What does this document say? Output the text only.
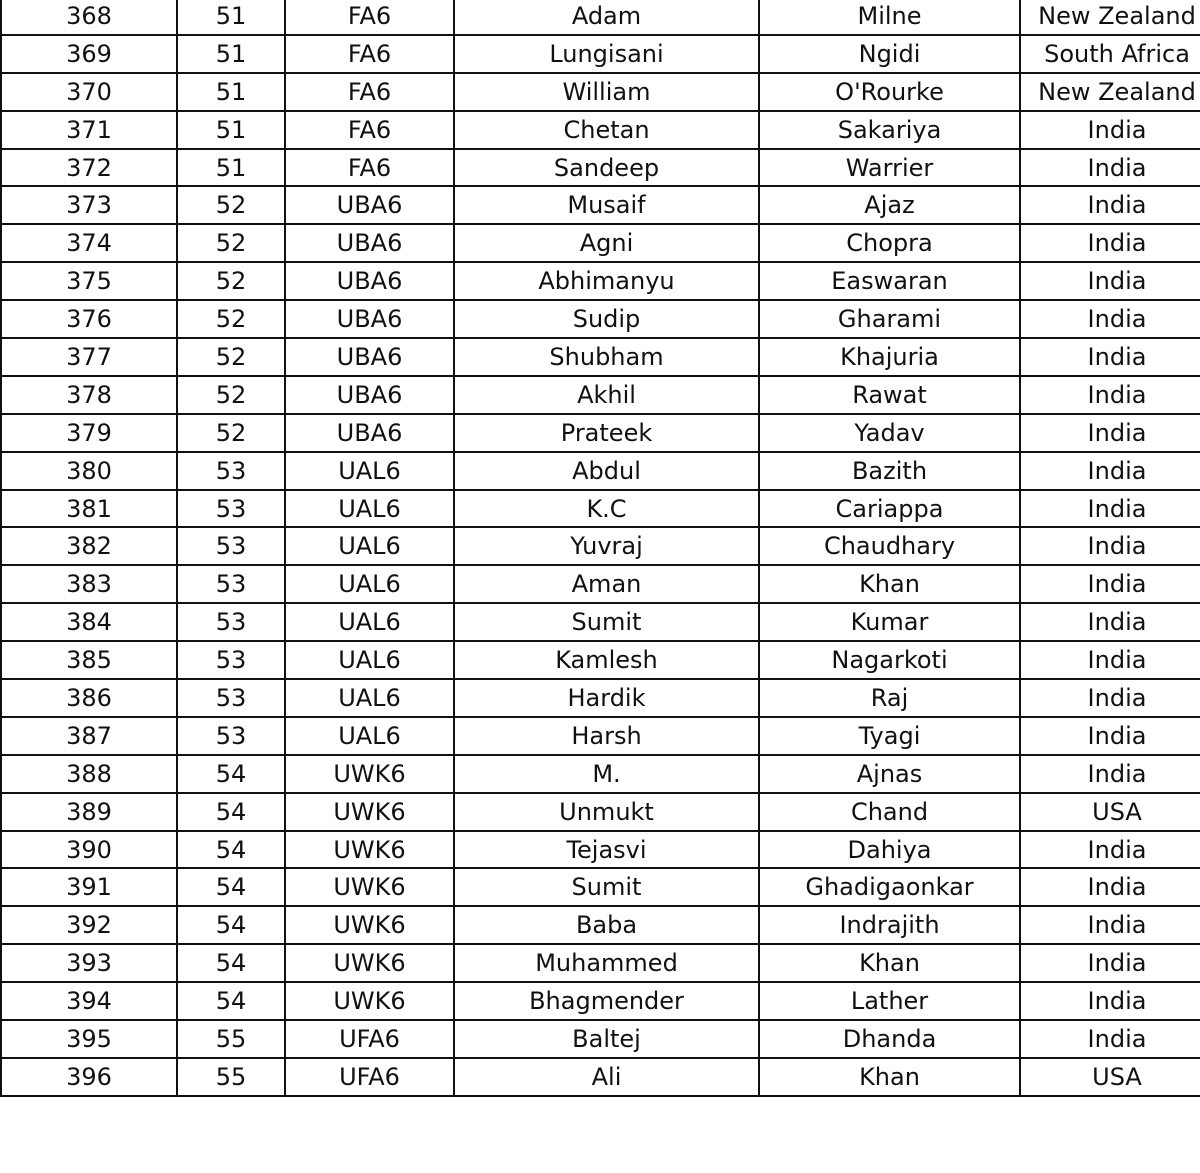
368	51	FA6	Adam	Milne	New Zealand
369	51	FA6	Lungisani	Ngidi	South Africa
370	51	FA6	William	O'Rourke	New Zealand
371	51	FA6	Chetan	Sakariya	India
372	51	FA6	Sandeep	Warrier	India
373	52	UBA6	Musaif	Ajaz	India
374	52	UBA6	Agni	Chopra	India
375	52	UBA6	Abhimanyu	Easwaran	India
376	52	UBA6	Sudip	Gharami	India
377	52	UBA6	Shubham	Khajuria	India
378	52	UBA6	Akhil	Rawat	India
379	52	UBA6	Prateek	Yadav	India
380	53	UAL6	Abdul	Bazith	India
381	53	UAL6	K.C	Cariappa	India
382	53	UAL6	Yuvraj	Chaudhary	India
383	53	UAL6	Aman	Khan	India
384	53	UAL6	Sumit	Kumar	India
385	53	UAL6	Kamlesh	Nagarkoti	India
386	53	UAL6	Hardik	Raj	India
387	53	UAL6	Harsh	Tyagi	India
388	54	UWK6	M.	Ajnas	India
389	54	UWK6	Unmukt	Chand	USA
390	54	UWK6	Tejasvi	Dahiya	India
391	54	UWK6	Sumit	Ghadigaonkar	India
392	54	UWK6	Baba	Indrajith	India
393	54	UWK6	Muhammed	Khan	India
394	54	UWK6	Bhagmender	Lather	India
395	55	UFA6	Baltej	Dhanda	India
396	55	UFA6	Ali	Khan	USA
